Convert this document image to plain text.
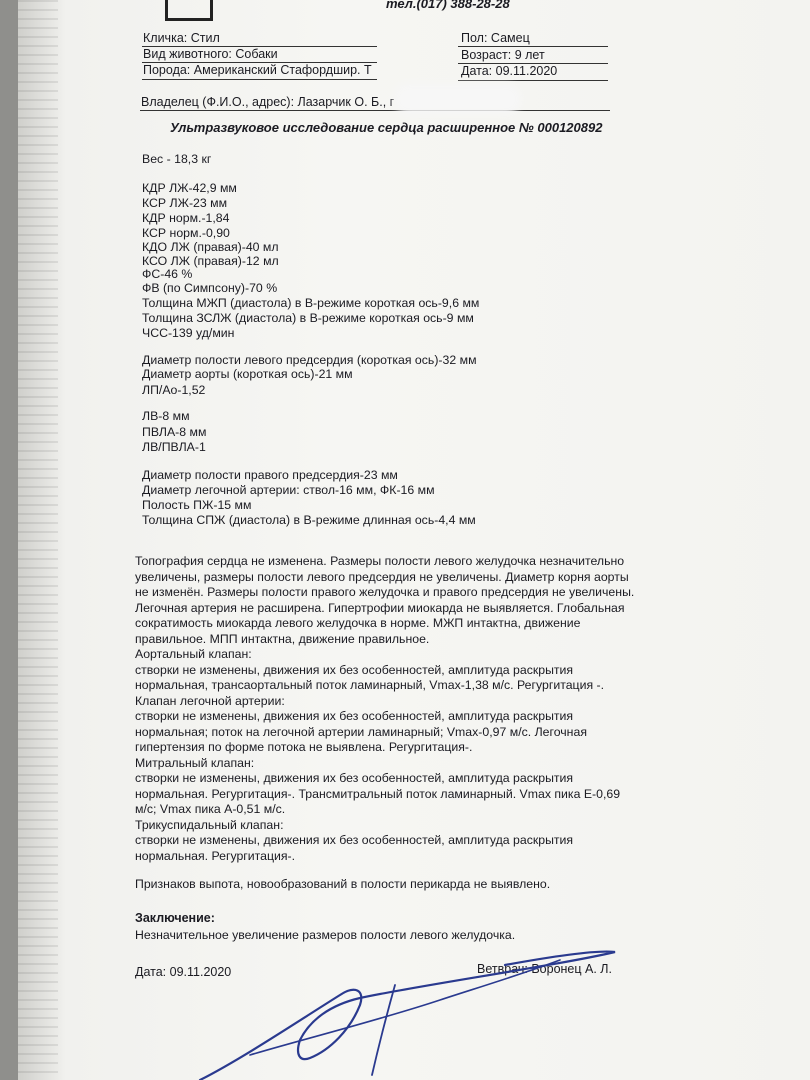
тел.(017) 388-28-28
Кличка: Стил
Вид животного: Собаки
Порода: Американский Стафордшир. Т
Пол: Самец
Возраст: 9 лет
Дата: 09.11.2020
Владелец (Ф.И.О., адрес): Лазарчик О. Б., г
Ультразвуковое исследование сердца расширенное № 000120892
Вес - 18,3 кг
КДР ЛЖ-42,9 мм
КСР ЛЖ-23 мм
КДР норм.-1,84
КСР норм.-0,90
КДО ЛЖ (правая)-40 мл
КСО ЛЖ (правая)-12 мл
ФС-46 %
ФВ (по Симпсону)-70 %
Толщина МЖП (диастола) в В-режиме короткая ось-9,6 мм
Толщина ЗСЛЖ (диастола) в В-режиме короткая ось-9 мм
ЧСС-139 уд/мин
Диаметр полости левого предсердия (короткая ось)-32 мм
Диаметр аорты (короткая ось)-21 мм
ЛП/Ао-1,52
ЛВ-8 мм
ПВЛА-8 мм
ЛВ/ПВЛА-1
Диаметр полости правого предсердия-23 мм
Диаметр легочной артерии: ствол-16 мм, ФК-16 мм
Полость ПЖ-15 мм
Толщина СПЖ (диастола) в В-режиме длинная ось-4,4 мм
Топография сердца не изменена. Размеры полости левого желудочка незначительно
увеличены, размеры полости левого предсердия не увеличены. Диаметр корня аорты
не изменён. Размеры полости правого желудочка и правого предсердия не увеличены.
Легочная артерия не расширена. Гипертрофии миокарда не выявляется. Глобальная
сократимость миокарда левого желудочка в норме. МЖП интактна, движение
правильное. МПП интактна, движение правильное.
Аортальный клапан:
створки не изменены, движения их без особенностей, амплитуда раскрытия
нормальная, трансаортальный поток ламинарный, Vmax-1,38 м/с. Регургитация -.
Клапан легочной артерии:
створки не изменены, движения их без особенностей, амплитуда раскрытия
нормальная; поток на легочной артерии ламинарный; Vmax-0,97 м/с. Легочная
гипертензия по форме потока не выявлена. Регургитация-.
Митральный клапан:
створки не изменены, движения их без особенностей, амплитуда раскрытия
нормальная. Регургитация-. Трансмитральный поток ламинарный. Vmax пика Е-0,69
м/с; Vmax пика А-0,51 м/с.
Трикуспидальный клапан:
створки не изменены, движения их без особенностей, амплитуда раскрытия
нормальная. Регургитация-.
Признаков выпота, новообразований в полости перикарда не выявлено.
Заключение:
Незначительное увеличение размеров полости левого желудочка.
Дата: 09.11.2020	Ветврач: Воронец А. Л.
